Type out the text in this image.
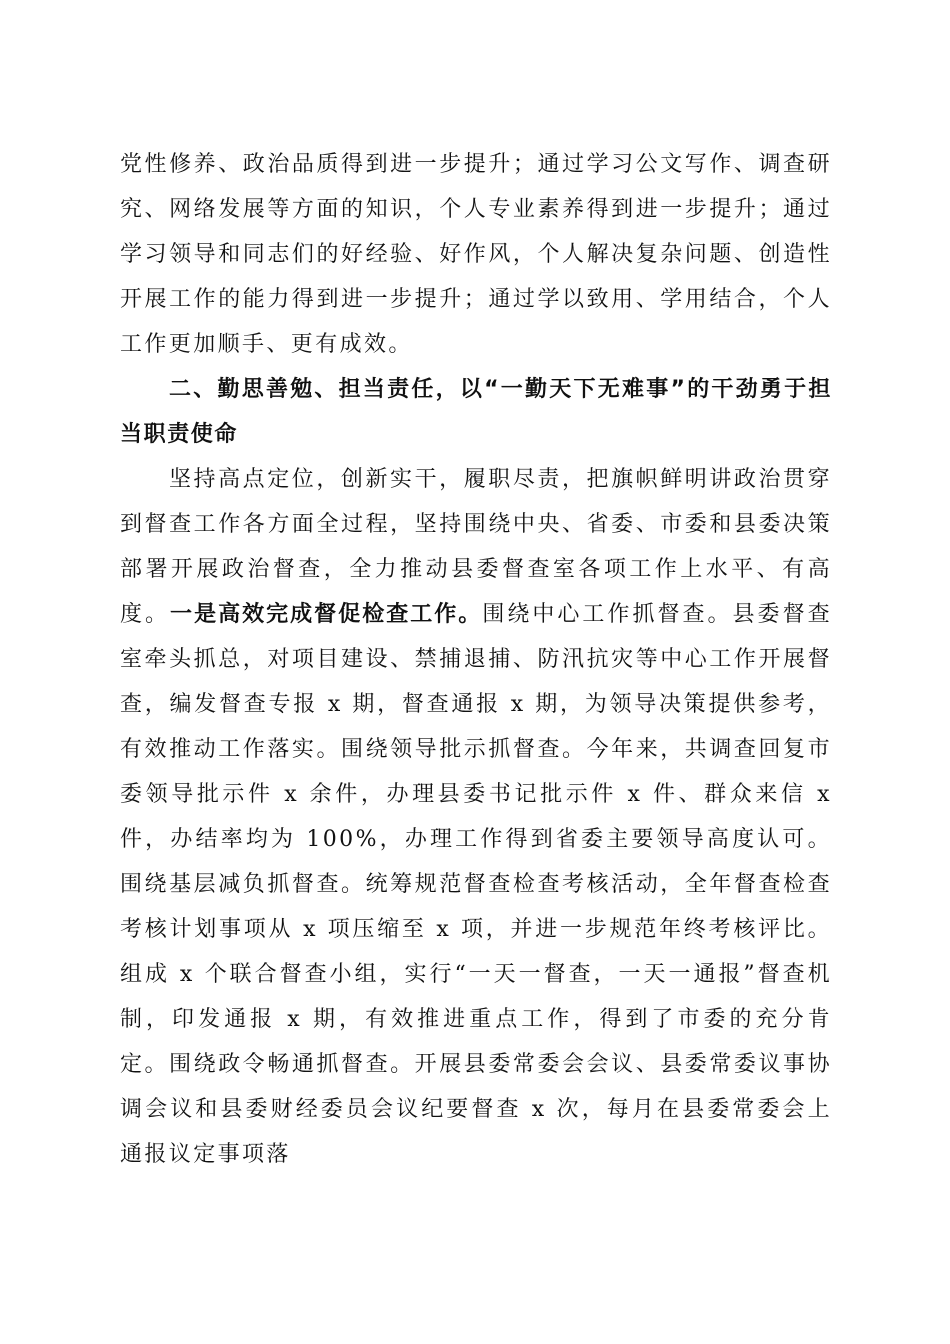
党性修养、政治品质得到进一步提升；通过学习公文写作、调查研究、网络发展等方面的知识，个人专业素养得到进一步提升；通过学习领导和同志们的好经验、好作风，个人解决复杂问题、创造性开展工作的能力得到进一步提升；通过学以致用、学用结合，个人工作更加顺手、更有成效。

二、勤思善勉、担当责任，以“一勤天下无难事”的干劲勇于担当职责使命

坚持高点定位，创新实干，履职尽责，把旗帜鲜明讲政治贯穿到督查工作各方面全过程，坚持围绕中央、省委、市委和县委决策部署开展政治督查，全力推动县委督查室各项工作上水平、有高度。一是高效完成督促检查工作。围绕中心工作抓督查。县委督查室牵头抓总，对项目建设、禁捕退捕、防汛抗灾等中心工作开展督查，编发督查专报 x 期，督查通报 x 期，为领导决策提供参考，有效推动工作落实。围绕领导批示抓督查。今年来，共调查回复市委领导批示件 x 余件，办理县委书记批示件 x 件、群众来信 x 件，办结率均为 100%，办理工作得到省委主要领导高度认可。围绕基层减负抓督查。统筹规范督查检查考核活动，全年督查检查考核计划事项从 x 项压缩至 x 项，并进一步规范年终考核评比。组成 x 个联合督查小组，实行“一天一督查，一天一通报”督查机制，印发通报 x 期，有效推进重点工作，得到了市委的充分肯定。围绕政令畅通抓督查。开展县委常委会会议、县委常委议事协调会议和县委财经委员会议纪要督查 x 次，每月在县委常委会上通报议定事项落
